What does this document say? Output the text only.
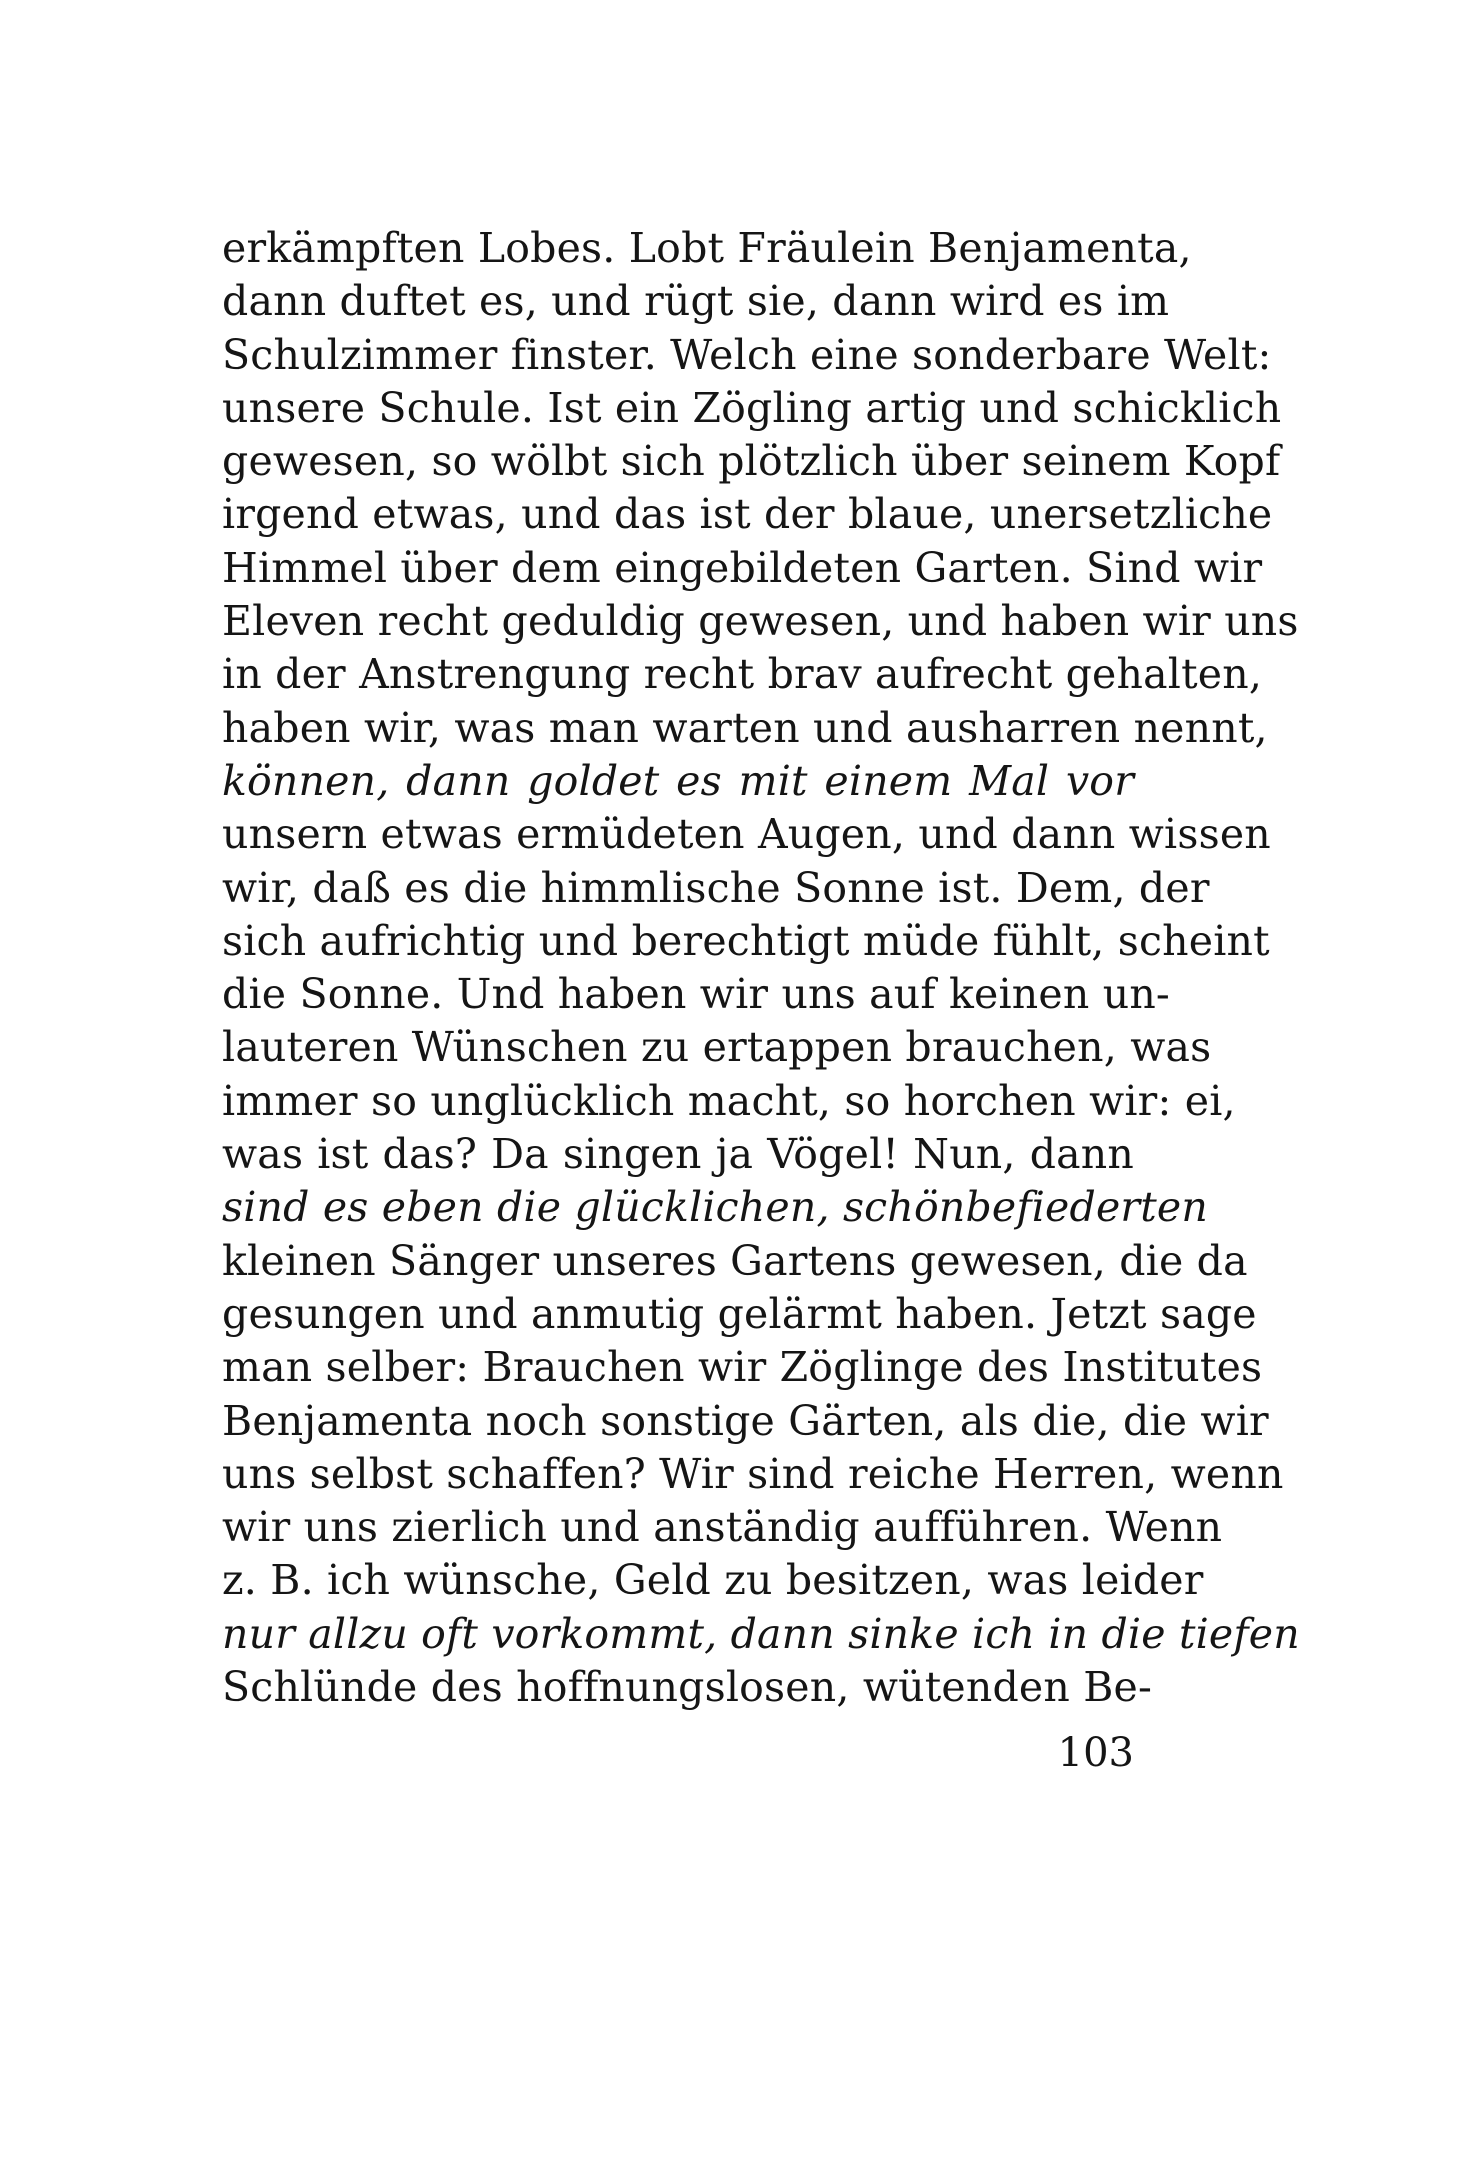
erkämpften Lobes. Lobt Fräulein Benjamenta,
dann duftet es, und rügt sie, dann wird es im
Schulzimmer finster. Welch eine sonderbare Welt:
unsere Schule. Ist ein Zögling artig und schicklich
gewesen, so wölbt sich plötzlich über seinem Kopf
irgend etwas, und das ist der blaue, unersetzliche
Himmel über dem eingebildeten Garten. Sind wir
Eleven recht geduldig gewesen, und haben wir uns
in der Anstrengung recht brav aufrecht gehalten,
haben wir, was man warten und ausharren nennt,
können, dann goldet es mit einem Mal vor
unsern etwas ermüdeten Augen, und dann wissen
wir, daß es die himmlische Sonne ist. Dem, der
sich aufrichtig und berechtigt müde fühlt, scheint
die Sonne. Und haben wir uns auf keinen un-
lauteren Wünschen zu ertappen brauchen, was
immer so unglücklich macht, so horchen wir: ei,
was ist das? Da singen ja Vögel! Nun, dann
sind es eben die glücklichen, schönbefiederten
kleinen Sänger unseres Gartens gewesen, die da
gesungen und anmutig gelärmt haben. Jetzt sage
man selber: Brauchen wir Zöglinge des Institutes
Benjamenta noch sonstige Gärten, als die, die wir
uns selbst schaffen? Wir sind reiche Herren, wenn
wir uns zierlich und anständig aufführen. Wenn
z. B. ich wünsche, Geld zu besitzen, was leider
nur allzu oft vorkommt, dann sinke ich in die tiefen
Schlünde des hoffnungslosen, wütenden Be-
103
